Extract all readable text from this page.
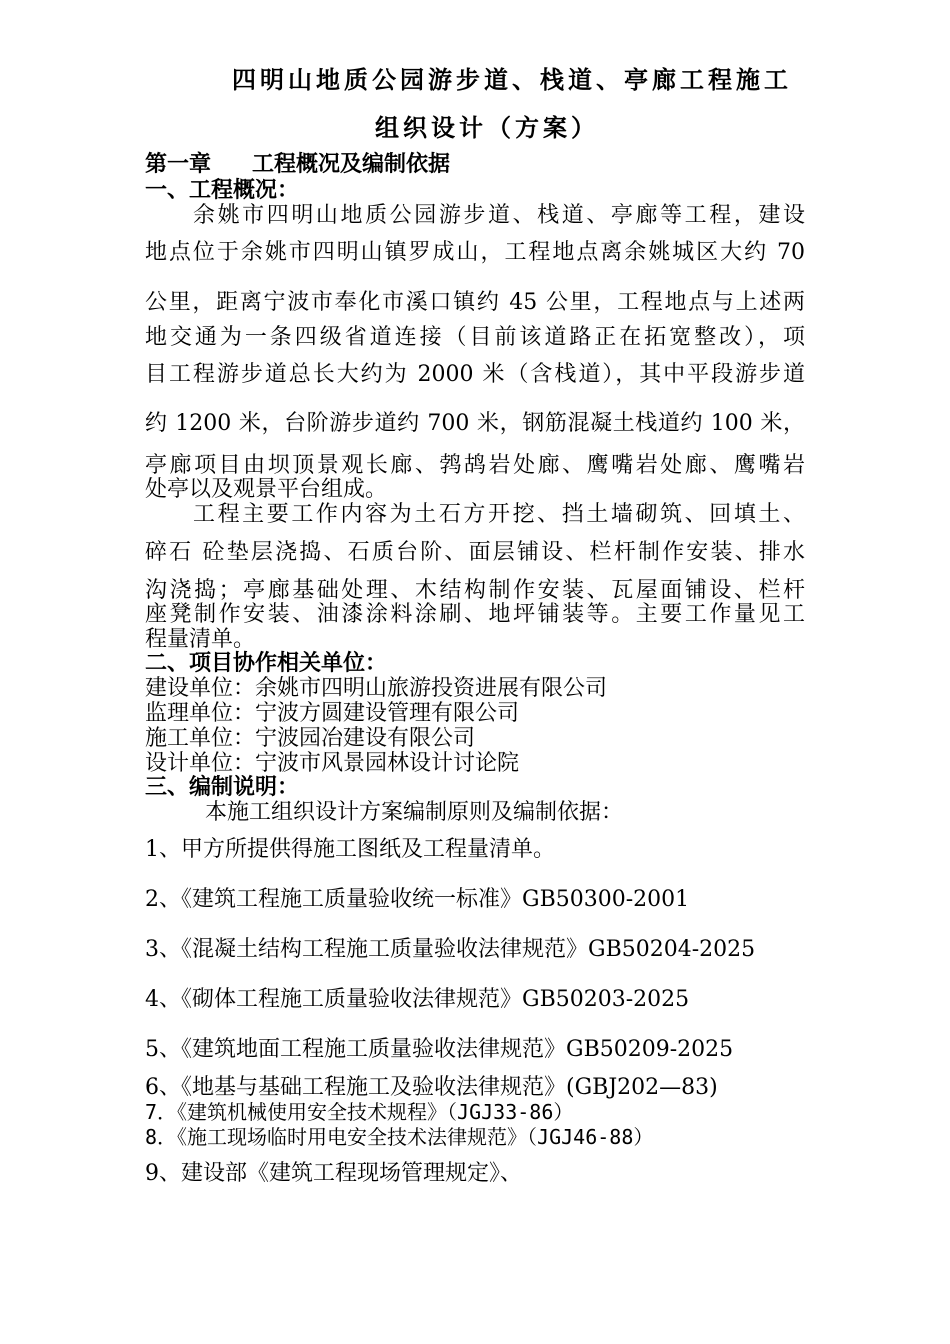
四明山地质公园游步道、栈道、亭廊工程施工
组织设计（方案）
第一章 工程概况及编制依据
一、工程概况：
余姚市四明山地质公园游步道、栈道、亭廊等工程，建设
地点位于余姚市四明山镇罗成山，工程地点离余姚城区大约 70
公里，距离宁波市奉化市溪口镇约 45 公里，工程地点与上述两
地交通为一条四级省道连接（目前该道路正在拓宽整改），项
目工程游步道总长大约为 2000 米（含栈道），其中平段游步道
约 1200 米，台阶游步道约 700 米，钢筋混凝土栈道约 100 米，
亭廊项目由坝顶景观长廊、鹁鸪岩处廊、鹰嘴岩处廊、鹰嘴岩
处亭以及观景平台组成。
工程主要工作内容为土石方开挖、挡土墙砌筑、回填土、
碎石 砼垫层浇捣、石质台阶、面层铺设、栏杆制作安装、排水
沟浇捣；亭廊基础处理、木结构制作安装、瓦屋面铺设、栏杆
座凳制作安装、油漆涂料涂刷、地坪铺装等。主要工作量见工
程量清单。
二、项目协作相关单位：
建设单位：余姚市四明山旅游投资进展有限公司
监理单位：宁波方圆建设管理有限公司
施工单位：宁波园冶建设有限公司
设计单位：宁波市风景园林设计讨论院
三、编制说明：
本施工组织设计方案编制原则及编制依据：
1、甲方所提供得施工图纸及工程量清单。
2、《建筑工程施工质量验收统一标准》GB50300-2001
3、《混凝土结构工程施工质量验收法律规范》GB50204-2025
4、《砌体工程施工质量验收法律规范》GB50203-2025
5、《建筑地面工程施工质量验收法律规范》GB50209-2025
6、《地基与基础工程施工及验收法律规范》(GBJ202—83)
7．《建筑机械使用安全技术规程》（JGJ33-86）
8．《施工现场临时用电安全技术法律规范》（JGJ46-88）
9、建设部《建筑工程现场管理规定》、
